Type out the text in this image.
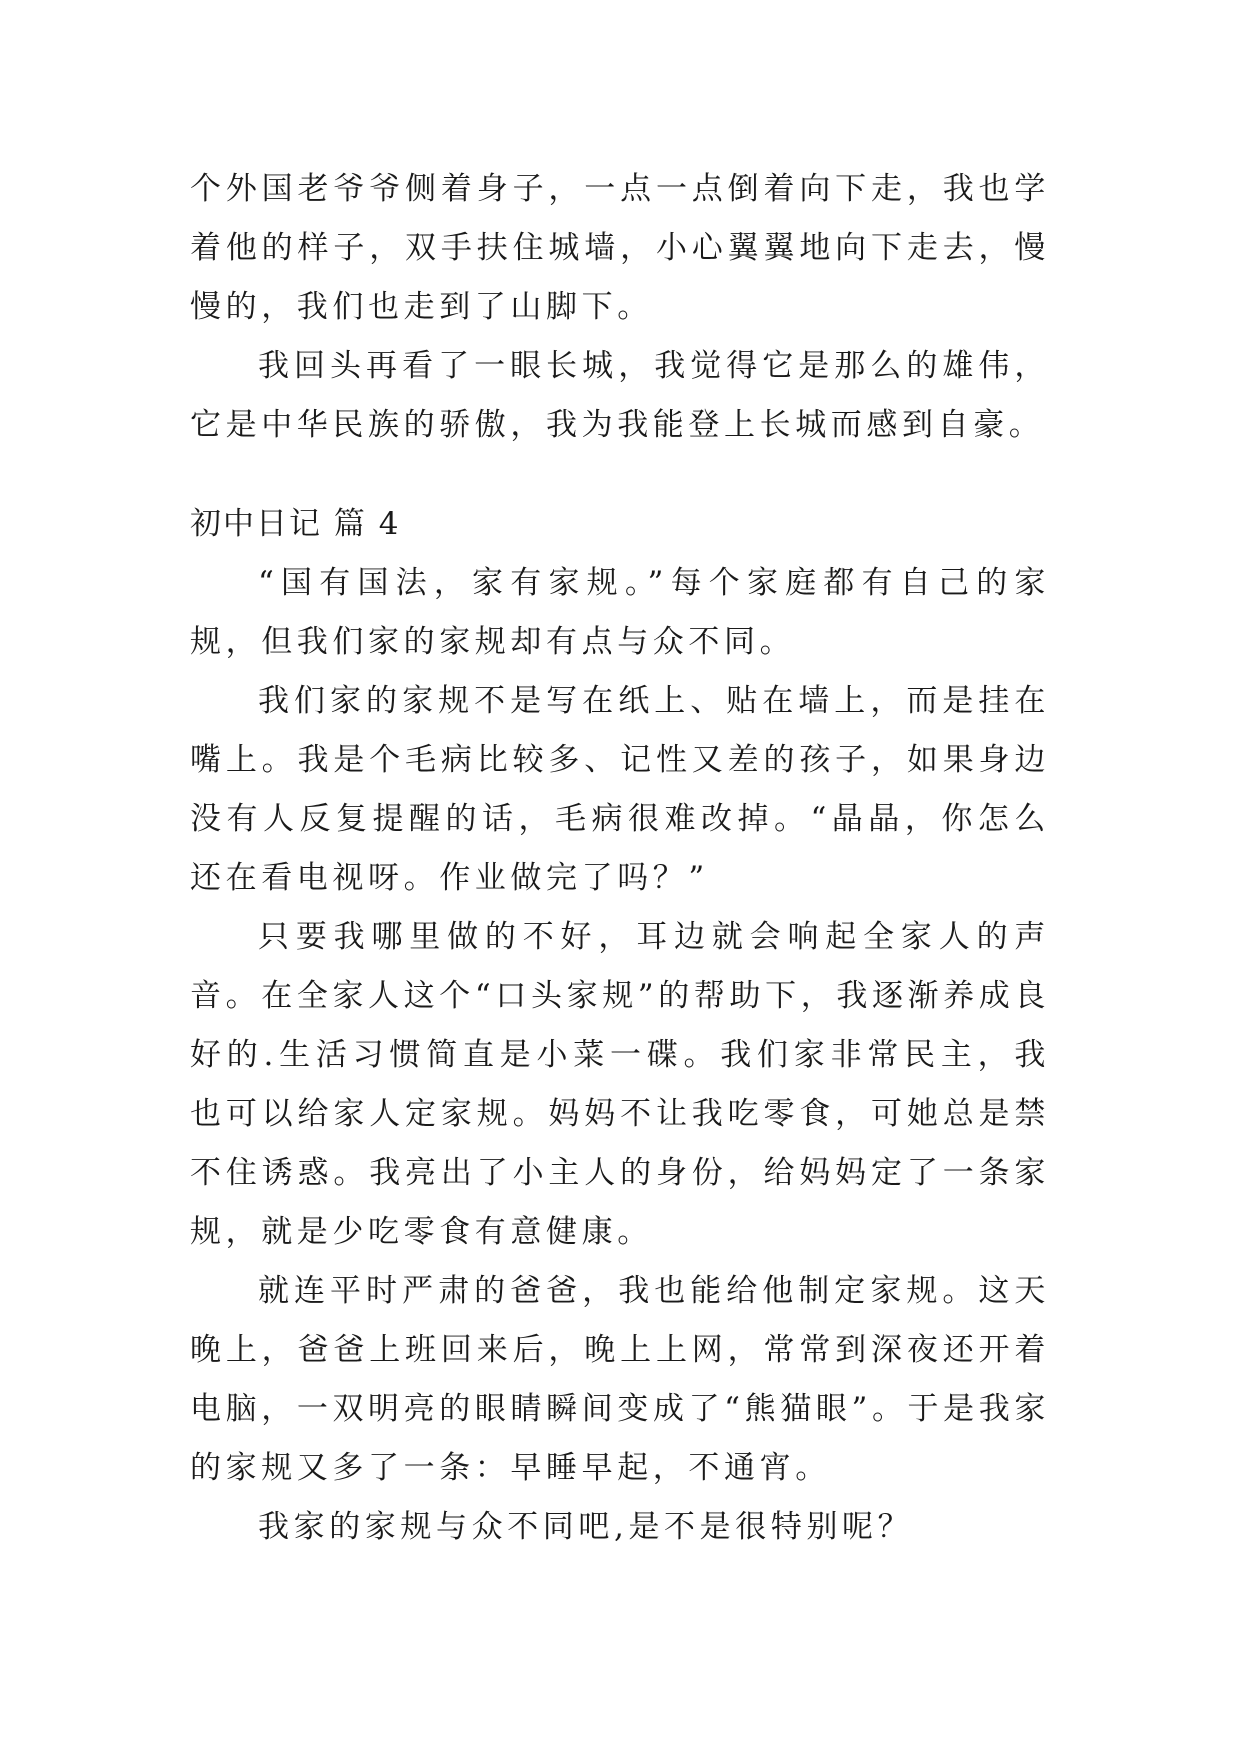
个外国老爷爷侧着身子，一点一点倒着向下走，我也学着他的样子，双手扶住城墙，小心翼翼地向下走去，慢慢的，我们也走到了山脚下。

我回头再看了一眼长城，我觉得它是那么的雄伟，它是中华民族的骄傲，我为我能登上长城而感到自豪。

初中日记 篇 4

“国有国法，家有家规。”每个家庭都有自己的家规，但我们家的家规却有点与众不同。

我们家的家规不是写在纸上、贴在墙上，而是挂在嘴上。我是个毛病比较多、记性又差的孩子，如果身边没有人反复提醒的话，毛病很难改掉。“晶晶，你怎么还在看电视呀。作业做完了吗？”

只要我哪里做的不好，耳边就会响起全家人的声音。在全家人这个“口头家规”的帮助下，我逐渐养成良好的.生活习惯简直是小菜一碟。我们家非常民主，我也可以给家人定家规。妈妈不让我吃零食，可她总是禁不住诱惑。我亮出了小主人的身份，给妈妈定了一条家规，就是少吃零食有意健康。

就连平时严肃的爸爸，我也能给他制定家规。这天晚上，爸爸上班回来后，晚上上网，常常到深夜还开着电脑，一双明亮的眼睛瞬间变成了“熊猫眼”。于是我家的家规又多了一条：早睡早起，不通宵。

我家的家规与众不同吧,是不是很特别呢？
